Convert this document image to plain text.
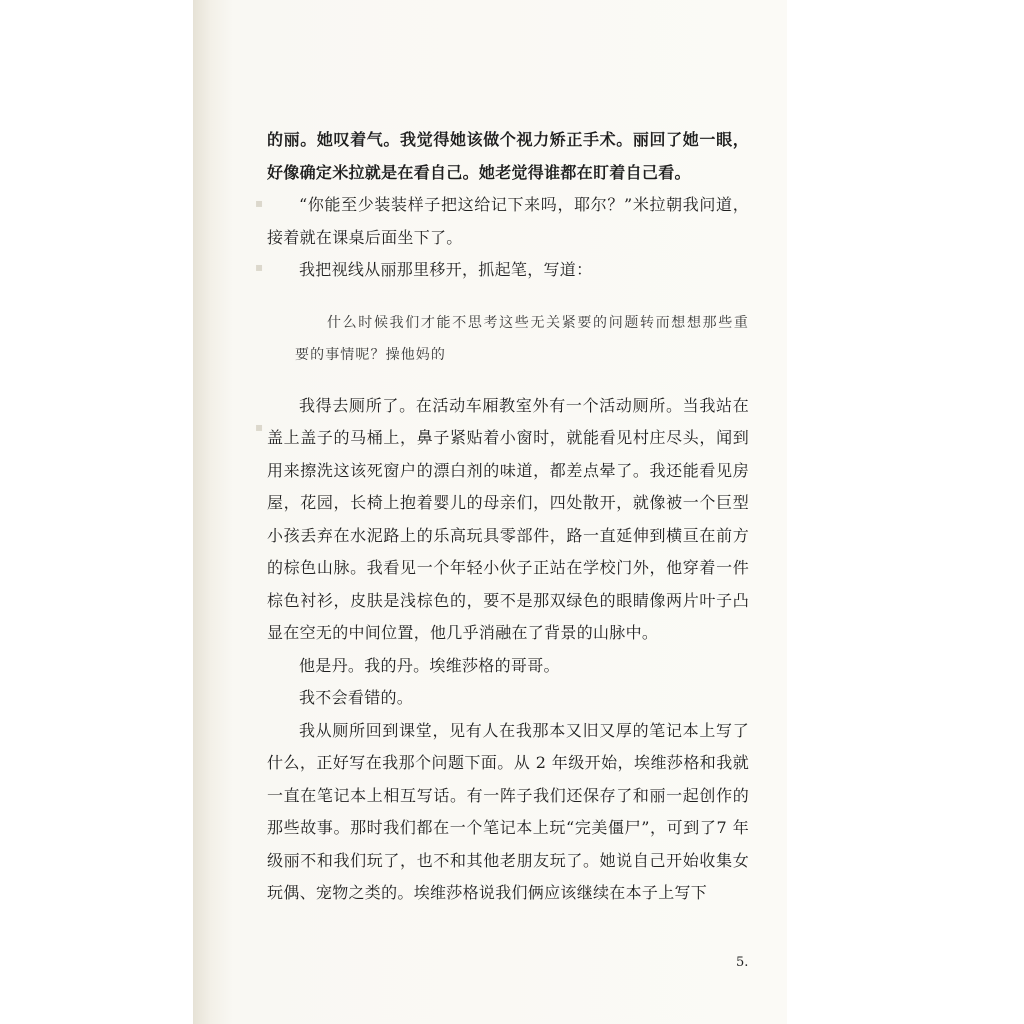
▪
▪
▪

的丽。她叹着气。我觉得她该做个视力矫正手术。丽回了她一眼，好像确定米拉就是在看自己。她老觉得谁都在盯着自己看。

“你能至少装装样子把这给记下来吗，耶尔？”米拉朝我问道，接着就在课桌后面坐下了。

我把视线从丽那里移开，抓起笔，写道：

什么时候我们才能不思考这些无关紧要的问题转而想想那些重要的事情呢？操他妈的

我得去厕所了。在活动车厢教室外有一个活动厕所。当我站在盖上盖子的马桶上，鼻子紧贴着小窗时，就能看见村庄尽头，闻到用来擦洗这该死窗户的漂白剂的味道，都差点晕了。我还能看见房屋，花园，长椅上抱着婴儿的母亲们，四处散开，就像被一个巨型小孩丢弃在水泥路上的乐高玩具零部件，路一直延伸到横亘在前方的棕色山脉。我看见一个年轻小伙子正站在学校门外，他穿着一件棕色衬衫，皮肤是浅棕色的，要不是那双绿色的眼睛像两片叶子凸显在空无的中间位置，他几乎消融在了背景的山脉中。

他是丹。我的丹。埃维莎格的哥哥。

我不会看错的。

我从厕所回到课堂，见有人在我那本又旧又厚的笔记本上写了什么，正好写在我那个问题下面。从 2 年级开始，埃维莎格和我就一直在笔记本上相互写话。有一阵子我们还保存了和丽一起创作的那些故事。那时我们都在一个笔记本上玩“完美僵尸”，可到了7 年级丽不和我们玩了，也不和其他老朋友玩了。她说自己开始收集女玩偶、宠物之类的。埃维莎格说我们俩应该继续在本子上写下

5.
